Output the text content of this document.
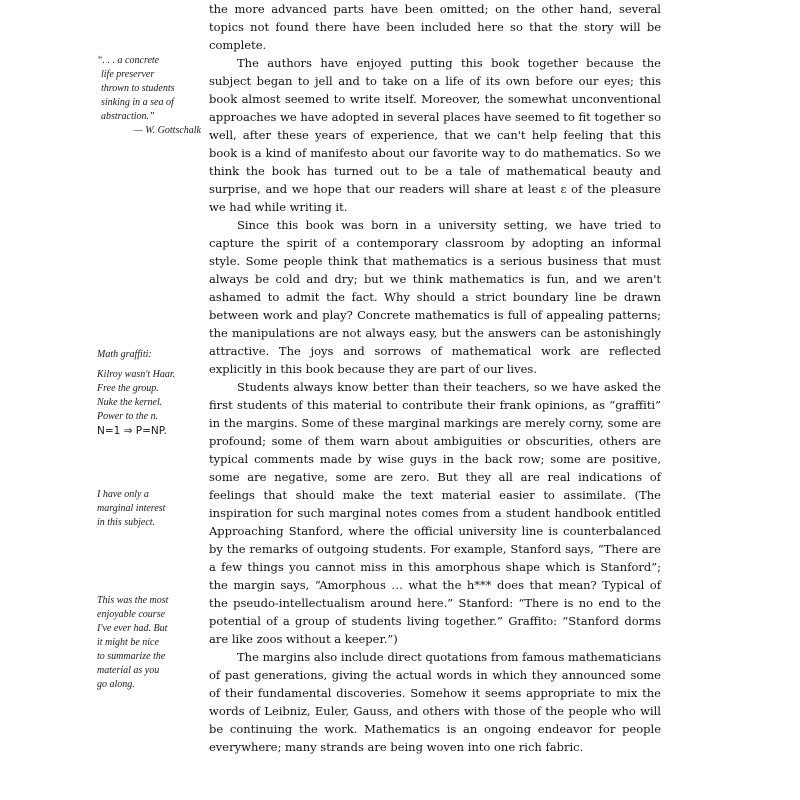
the more advanced parts have been omitted; on the other hand, several topics not found there have been included here so that the story will be complete.

The authors have enjoyed putting this book together because the subject began to jell and to take on a life of its own before our eyes; this book almost seemed to write itself. Moreover, the somewhat unconventional approaches we have adopted in several places have seemed to fit together so well, after these years of experience, that we can't help feeling that this book is a kind of manifesto about our favorite way to do mathematics. So we think the book has turned out to be a tale of mathematical beauty and surprise, and we hope that our readers will share at least ε of the pleasure we had while writing it.

Since this book was born in a university setting, we have tried to capture the spirit of a contemporary classroom by adopting an informal style. Some people think that mathematics is a serious business that must always be cold and dry; but we think mathematics is fun, and we aren't ashamed to admit the fact. Why should a strict boundary line be drawn between work and play? Concrete mathematics is full of appealing patterns; the manipulations are not always easy, but the answers can be astonishingly attractive. The joys and sorrows of mathematical work are reflected explicitly in this book because they are part of our lives.

Students always know better than their teachers, so we have asked the first students of this material to contribute their frank opinions, as “graffiti” in the margins. Some of these marginal markings are merely corny, some are profound; some of them warn about ambiguities or obscurities, others are typical comments made by wise guys in the back row; some are positive, some are negative, some are zero. But they all are real indications of feelings that should make the text material easier to assimilate. (The inspiration for such marginal notes comes from a student handbook entitled Approaching Stanford, where the official university line is counterbalanced by the remarks of outgoing students. For example, Stanford says, “There are a few things you cannot miss in this amorphous shape which is Stanford”; the margin says, “Amorphous … what the h*** does that mean? Typical of the pseudo-intellectualism around here.” Stanford: “There is no end to the potential of a group of students living together.” Graffito: “Stanford dorms are like zoos without a keeper.”)

The margins also include direct quotations from famous mathematicians of past generations, giving the actual words in which they announced some of their fundamental discoveries. Somehow it seems appropriate to mix the words of Leibniz, Euler, Gauss, and others with those of the people who will be continuing the work. Mathematics is an ongoing endeavor for people everywhere; many strands are being woven into one rich fabric.

“. . . a concrete
life preserver
thrown to students
sinking in a sea of
abstraction.”
— W. Gottschalk
Math graffiti:
Kilroy wasn't Haar.
Free the group.
Nuke the kernel.
Power to the n.
N=1 ⇒ P=NP.
I have only a
marginal interest
in this subject.
This was the most
enjoyable course
I've ever had. But
it might be nice
to summarize the
material as you
go along.
